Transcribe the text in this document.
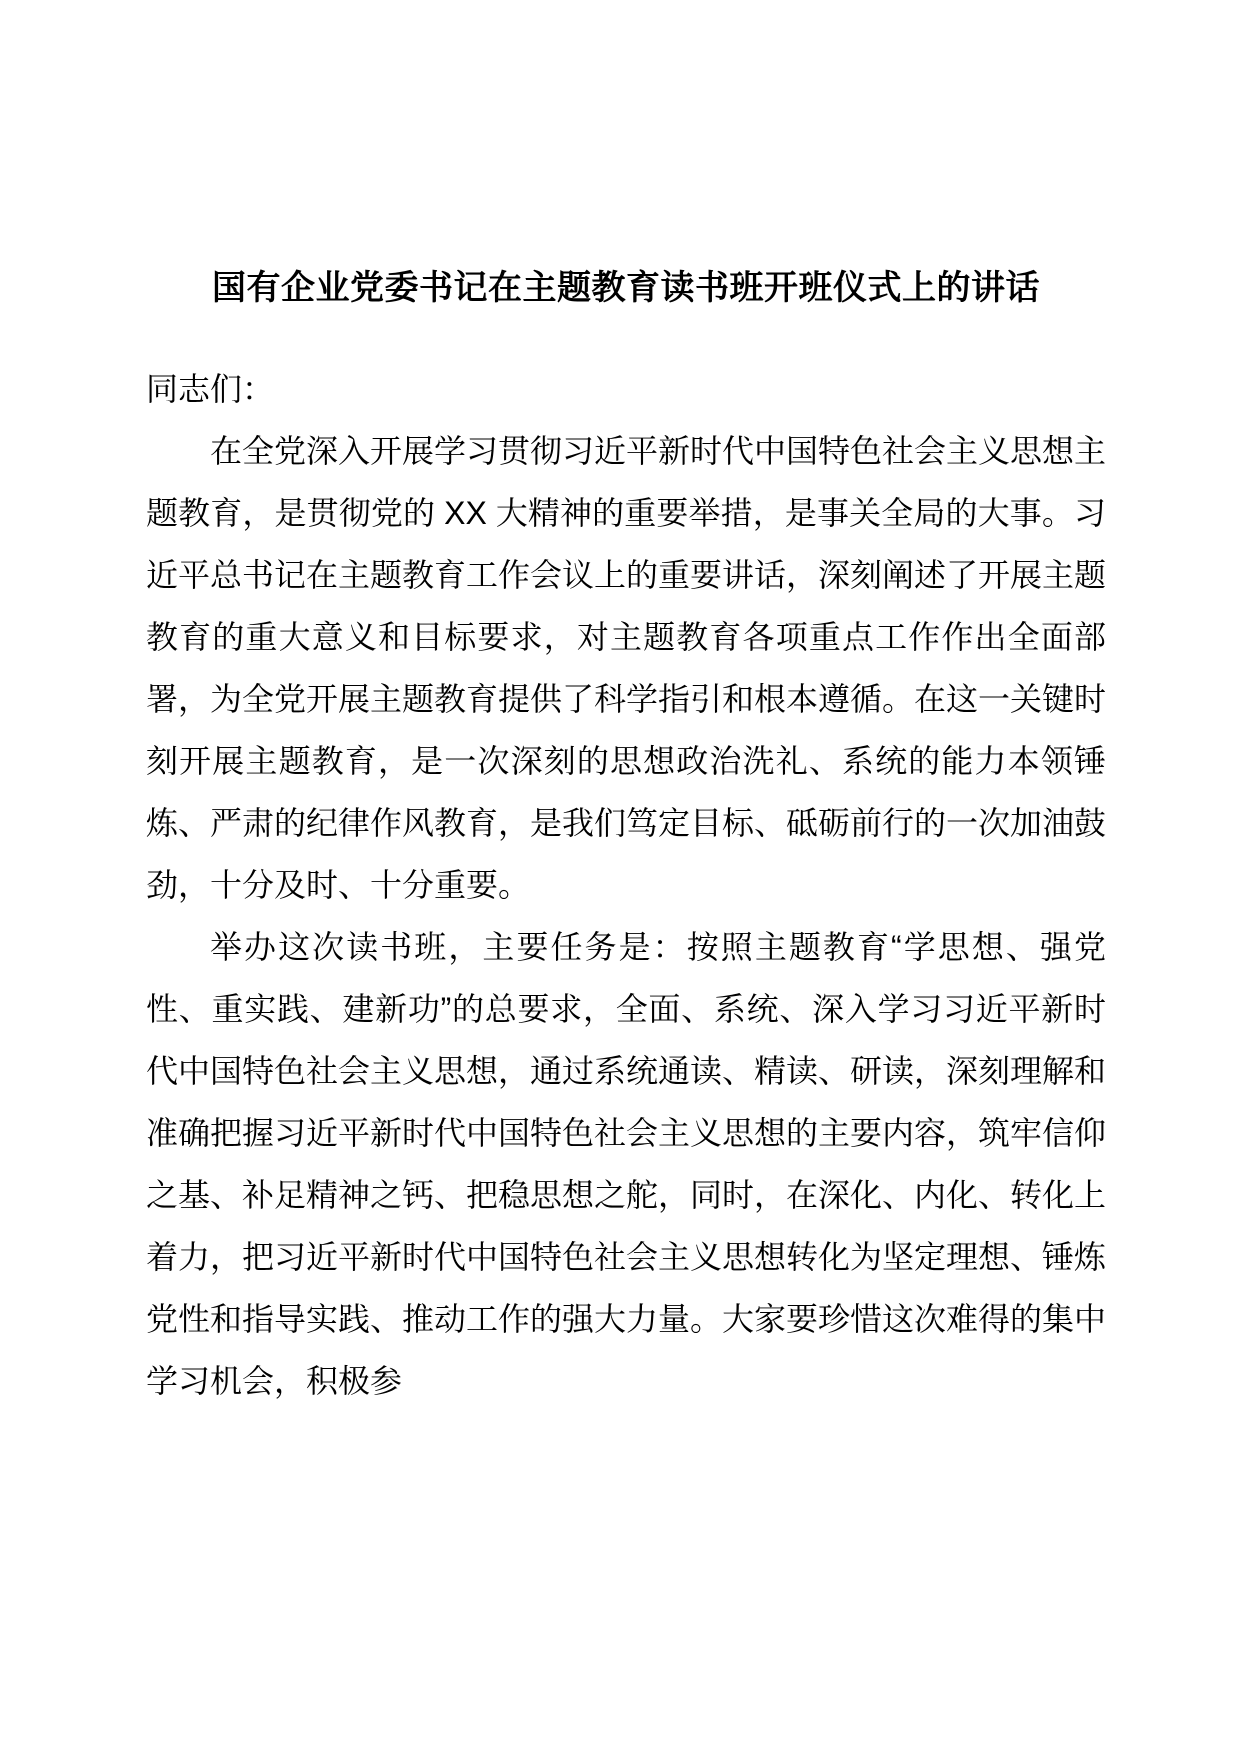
国有企业党委书记在主题教育读书班开班仪式上的讲话

同志们：

在全党深入开展学习贯彻习近平新时代中国特色社会主义思想主题教育，是贯彻党的 XX 大精神的重要举措，是事关全局的大事。习近平总书记在主题教育工作会议上的重要讲话，深刻阐述了开展主题教育的重大意义和目标要求，对主题教育各项重点工作作出全面部署，为全党开展主题教育提供了科学指引和根本遵循。在这一关键时刻开展主题教育，是一次深刻的思想政治洗礼、系统的能力本领锤炼、严肃的纪律作风教育，是我们笃定目标、砥砺前行的一次加油鼓劲，十分及时、十分重要。

举办这次读书班，主要任务是：按照主题教育“学思想、强党性、重实践、建新功”的总要求，全面、系统、深入学习习近平新时代中国特色社会主义思想，通过系统通读、精读、研读，深刻理解和准确把握习近平新时代中国特色社会主义思想的主要内容，筑牢信仰之基、补足精神之钙、把稳思想之舵，同时，在深化、内化、转化上着力，把习近平新时代中国特色社会主义思想转化为坚定理想、锤炼党性和指导实践、推动工作的强大力量。大家要珍惜这次难得的集中学习机会，积极参
